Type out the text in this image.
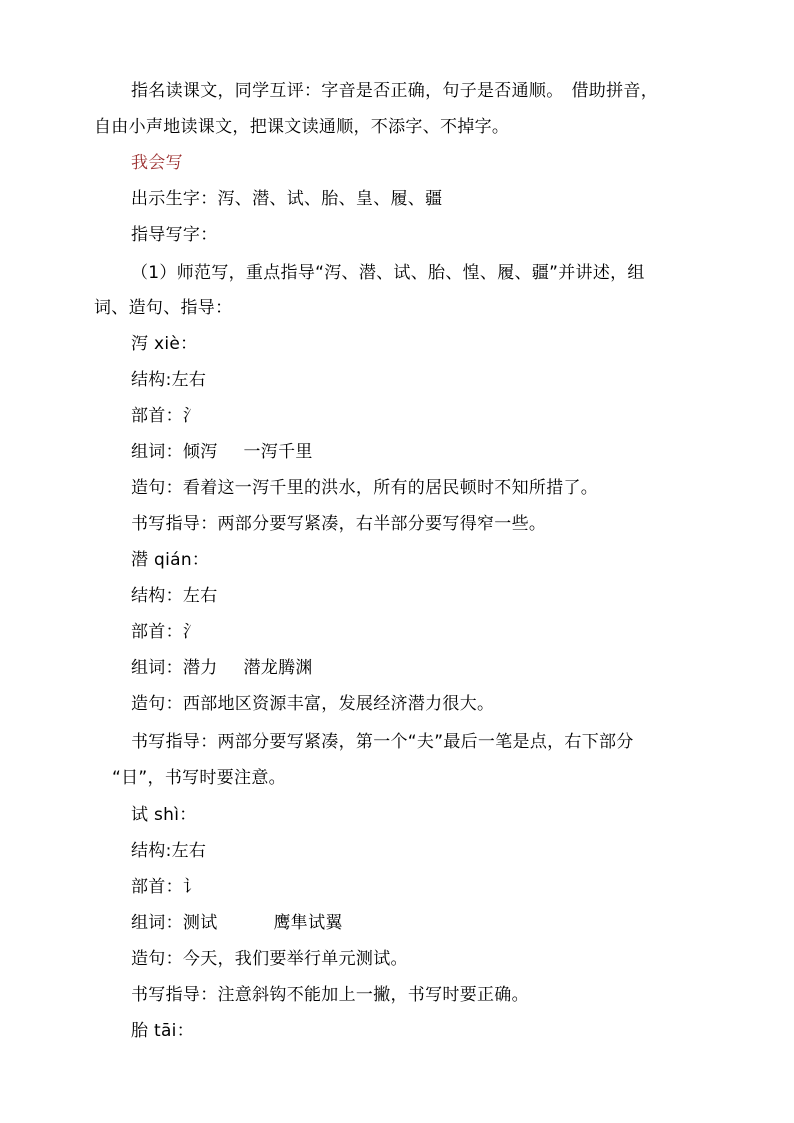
指名读课文，同学互评：字音是否正确，句子是否通顺。 借助拼音，
自由小声地读课文，把课文读通顺，不添字、不掉字。
我会写
出示生字：泻、潜、试、胎、皇、履、疆
指导写字：
（1）师范写，重点指导“泻、潜、试、胎、惶、履、疆”并讲述，组
词、造句、指导：
泻 xiè：
结构:左右
部首：氵
组词：倾泻 一泻千里
造句：看着这一泻千里的洪水，所有的居民顿时不知所措了。
书写指导：两部分要写紧凑，右半部分要写得窄一些。
潜 qián：
结构：左右
部首：氵
组词：潜力 潜龙腾渊
造句：西部地区资源丰富，发展经济潜力很大。
书写指导：两部分要写紧凑，第一个“夫”最后一笔是点，右下部分
“日”，书写时要注意。
试 shì：
结构:左右
部首：讠
组词：测试	鹰隼试翼
造句：今天，我们要举行单元测试。
书写指导：注意斜钩不能加上一撇，书写时要正确。
胎 tāi：
